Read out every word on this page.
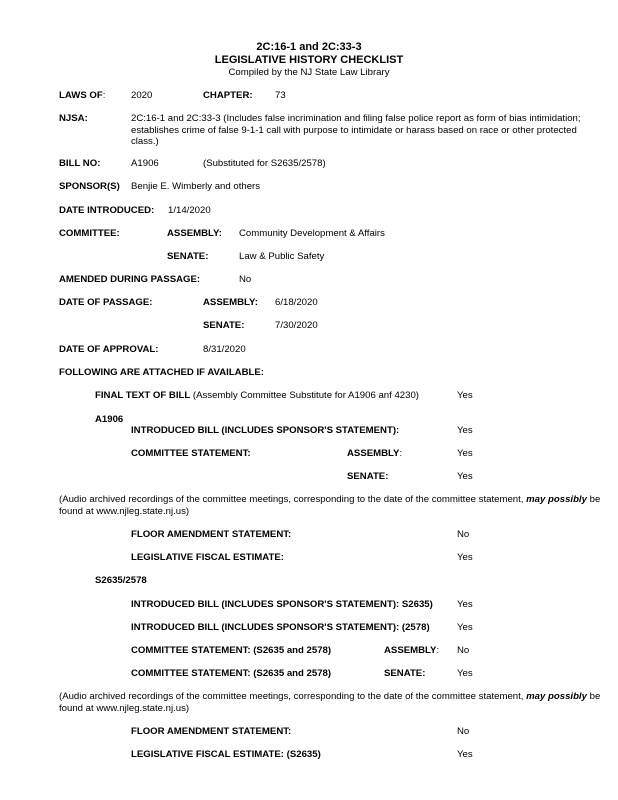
2C:16-1 and 2C:33-3
LEGISLATIVE HISTORY CHECKLIST
Compiled by the NJ State Law Library
LAWS OF:	2020	CHAPTER: 73
NJSA:	2C:16-1 and 2C:33-3 (Includes false incrimination and filing false police report as form of bias intimidation; establishes crime of false 9-1-1 call with purpose to intimidate or harass based on race or other protected class.)
BILL NO:	A1906	(Substituted for S2635/2578)
SPONSOR(S) Benjie E. Wimberly and others
DATE INTRODUCED: 1/14/2020
COMMITTEE:	ASSEMBLY: Community Development & Affairs
SENATE:	Law & Public Safety
AMENDED DURING PASSAGE:	No
DATE OF PASSAGE:	ASSEMBLY: 6/18/2020
SENATE:	7/30/2020
DATE OF APPROVAL:	8/31/2020
FOLLOWING ARE ATTACHED IF AVAILABLE:
FINAL TEXT OF BILL (Assembly Committee Substitute for A1906 anf 4230)	Yes
A1906
INTRODUCED BILL (INCLUDES SPONSOR'S STATEMENT):	Yes
COMMITTEE STATEMENT:	ASSEMBLY:	Yes
SENATE:	Yes
(Audio archived recordings of the committee meetings, corresponding to the date of the committee statement, may possibly be found at www.njleg.state.nj.us)
FLOOR AMENDMENT STATEMENT:	No
LEGISLATIVE FISCAL ESTIMATE:	Yes
S2635/2578
INTRODUCED BILL (INCLUDES SPONSOR'S STATEMENT): S2635)	Yes
INTRODUCED BILL (INCLUDES SPONSOR'S STATEMENT): (2578)	Yes
COMMITTEE STATEMENT: (S2635 and 2578)	ASSEMBLY: No
COMMITTEE STATEMENT: (S2635 and 2578)	SENATE:	Yes
(Audio archived recordings of the committee meetings, corresponding to the date of the committee statement, may possibly be found at www.njleg.state.nj.us)
FLOOR AMENDMENT STATEMENT:	No
LEGISLATIVE FISCAL ESTIMATE: (S2635)	Yes
